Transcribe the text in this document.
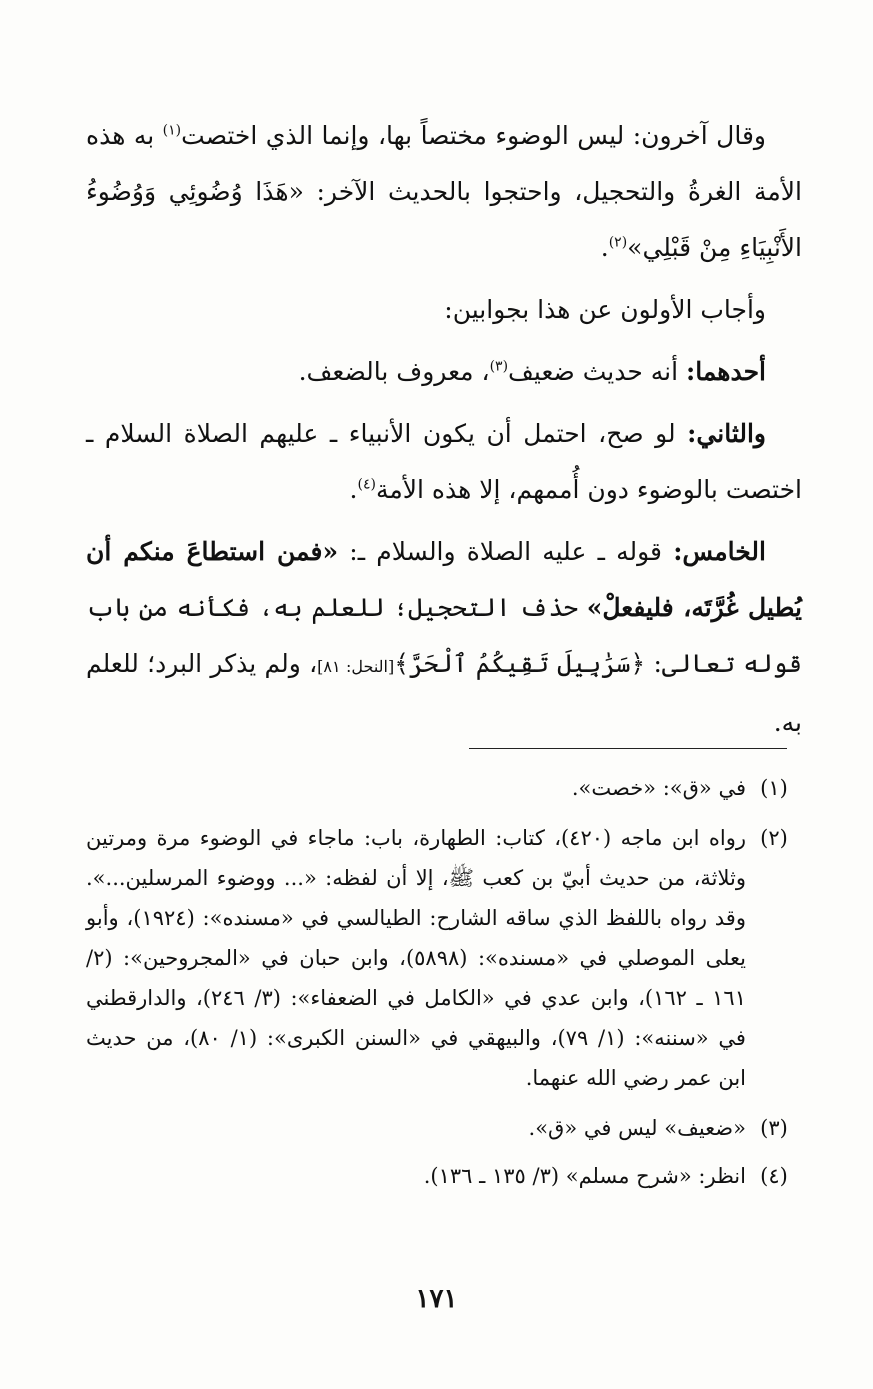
وقال آخرون: ليس الوضوء مختصاً بها، وإنما الذي اختصت$^{(١)}$ به هذه الأمة الغرةُ والتحجيل، واحتجوا بالحديث الآخر: «هَذَا وُضُوئِي وَوُضُوءُ الأَنْبِيَاءِ مِنْ قَبْلِي»$^{(٢)}$.

وأجاب الأولون عن هذا بجوابين:

أحدهما: أنه حديث ضعيف$^{(٣)}$، معروف بالضعف.

والثاني: لو صح، احتمل أن يكون الأنبياء ـ عليهم الصلاة السلام ـ اختصت بالوضوء دون أُممهم، إلا هذه الأمة$^{(٤)}$.

الخامس: قوله ـ عليه الصلاة والسلام ـ: «فمن استطاعَ منكم أن يُطيل غُرَّتَه، فليفعلْ» حذف التحجيل؛ للعلم به، فكأنه من باب قوله تعالى: ﴿سَرَٰبِيلَ تَقِيكُمُ ٱلْحَرَّ﴾[النحل: ٨١]، ولم يذكر البرد؛ للعلم به.

(١)
في «ق»: «خصت».
(٢)
رواه ابن ماجه (٤٢٠)، كتاب: الطهارة، باب: ماجاء في الوضوء مرة ومرتين وثلاثة، من حديث أبيّ بن كعب ﷺ، إلا أن لفظه: «... ووضوء المرسلين...». وقد رواه باللفظ الذي ساقه الشارح: الطيالسي في «مسنده»: (١٩٢٤)، وأبو يعلى الموصلي في «مسنده»: (٥٨٩٨)، وابن حبان في «المجروحين»: (٢/ ١٦١ ـ ١٦٢)، وابن عدي في «الكامل في الضعفاء»: (٣/ ٢٤٦)، والدارقطني في «سننه»: (١/ ٧٩)، والبيهقي في «السنن الكبرى»: (١/ ٨٠)، من حديث ابن عمر رضي الله عنهما.
(٣)
«ضعيف» ليس في «ق».
(٤)
انظر: «شرح مسلم» (٣/ ١٣٥ ـ ١٣٦).
١٧١
